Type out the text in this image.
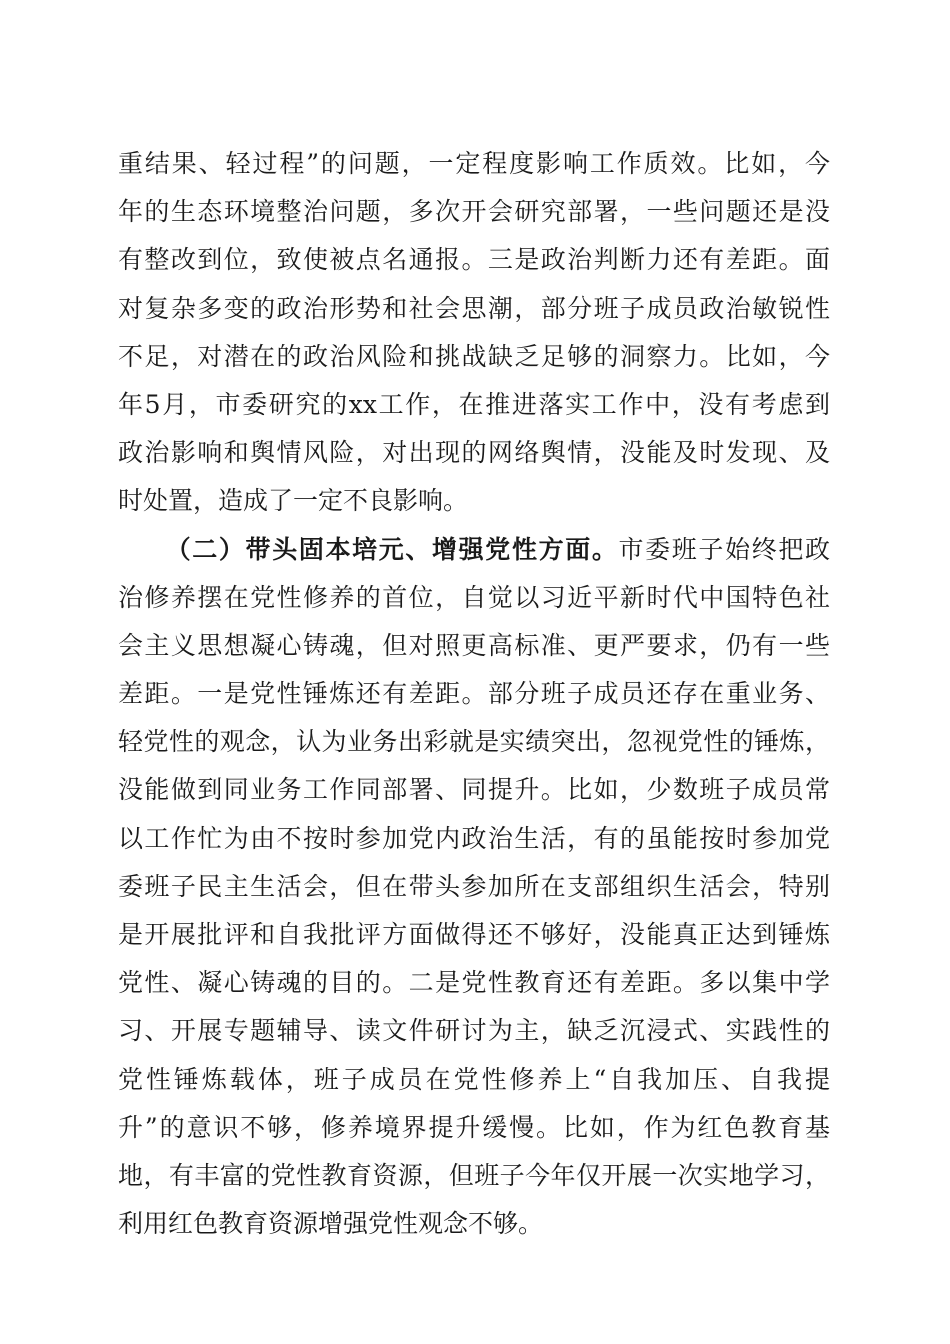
重结果、轻过程”的问题，一定程度影响工作质效。比如，今
年的生态环境整治问题，多次开会研究部署，一些问题还是没
有整改到位，致使被点名通报。三是政治判断力还有差距。面
对复杂多变的政治形势和社会思潮，部分班子成员政治敏锐性
不足，对潜在的政治风险和挑战缺乏足够的洞察力。比如，今
年5月，市委研究的xx工作，在推进落实工作中，没有考虑到
政治影响和舆情风险，对出现的网络舆情，没能及时发现、及
时处置，造成了一定不良影响。
（二）带头固本培元、增强党性方面。市委班子始终把政
治修养摆在党性修养的首位，自觉以习近平新时代中国特色社
会主义思想凝心铸魂，但对照更高标准、更严要求，仍有一些
差距。一是党性锤炼还有差距。部分班子成员还存在重业务、
轻党性的观念，认为业务出彩就是实绩突出，忽视党性的锤炼，
没能做到同业务工作同部署、同提升。比如，少数班子成员常
以工作忙为由不按时参加党内政治生活，有的虽能按时参加党
委班子民主生活会，但在带头参加所在支部组织生活会，特别
是开展批评和自我批评方面做得还不够好，没能真正达到锤炼
党性、凝心铸魂的目的。二是党性教育还有差距。多以集中学
习、开展专题辅导、读文件研讨为主，缺乏沉浸式、实践性的
党性锤炼载体，班子成员在党性修养上“自我加压、自我提
升”的意识不够，修养境界提升缓慢。比如，作为红色教育基
地，有丰富的党性教育资源，但班子今年仅开展一次实地学习，
利用红色教育资源增强党性观念不够。
